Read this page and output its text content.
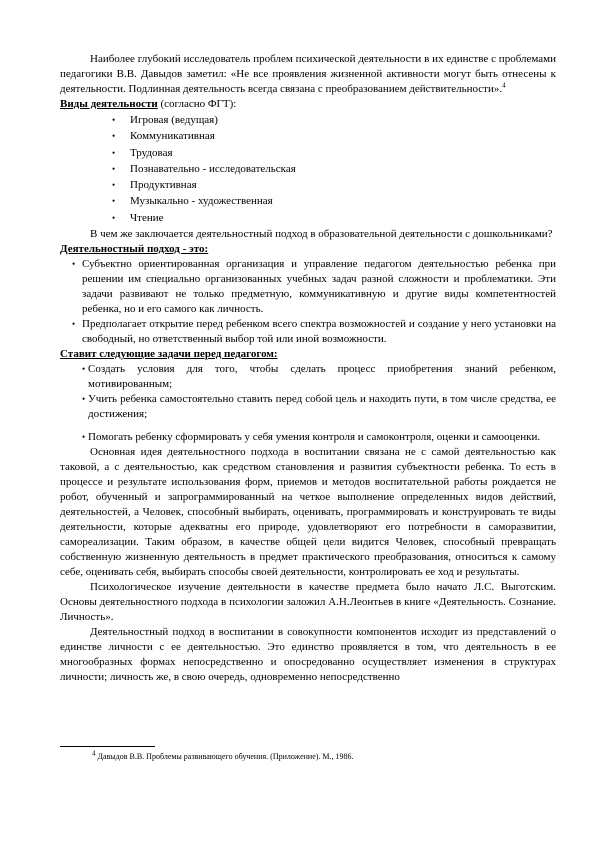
Наиболее глубокий исследователь проблем психической деятельности в их единстве с проблемами педагогики В.В. Давыдов заметил: «Не все проявления жизненной активности могут быть отнесены к деятельности. Подлинная деятельность всегда связана с преобразованием действительности».$^4$

Виды деятельности (согласно ФГТ):

• Игровая (ведущая)
• Коммуникативная
• Трудовая
• Познавательно - исследовательская
• Продуктивная
• Музыкально - художественная
• Чтение

В чем же заключается деятельностный подход в образовательной деятельности с дошкольниками?

Деятельностный подход - это:

• Субъектно ориентированная организация и управление педагогом деятельностью ребенка при решении им специально организованных учебных задач разной сложности и проблематики. Эти задачи развивают не только предметную, коммуникативную и другие виды компетентностей ребенка, но и его самого как личность.

• Предполагает открытие перед ребенком всего спектра возможностей и создание у него установки на свободный, но ответственный выбор той или иной возможности.

Ставит следующие задачи перед педагогом:

• Создать условия для того, чтобы сделать процесс приобретения знаний ребенком, мотивированным;

• Учить ребенка самостоятельно ставить перед собой цель и находить пути, в том числе средства, ее достижения;

• Помогать ребенку сформировать у себя умения контроля и самоконтроля, оценки и самооценки.

Основная идея деятельностного подхода в воспитании связана не с самой деятельностью как таковой, а с деятельностью, как средством становления и развития субъектности ребенка. То есть в процессе и результате использования форм, приемов и методов воспитательной работы рождается не робот, обученный и запрограммированный на четкое выполнение определенных видов действий, деятельностей, а Человек, способный выбирать, оценивать, программировать и конструировать те виды деятельности, которые адекватны его природе, удовлетворяют его потребности в саморазвитии, самореализации. Таким образом, в качестве общей цели видится Человек, способный превращать собственную жизненную деятельность в предмет практического преобразования, относиться к самому себе, оценивать себя, выбирать способы своей деятельности, контролировать ее ход и результаты.

Психологическое изучение деятельности в качестве предмета было начато Л.С. Выготским. Основы деятельностного подхода в психологии заложил А.Н.Леонтьев в книге «Деятельность. Сознание. Личность».

Деятельностный подход в воспитании в совокупности компонентов исходит из представлений о единстве личности с ее деятельностью. Это единство проявляется в том, что деятельность в ее многообразных формах непосредственно и опосредованно осуществляет изменения в структурах личности; личность же, в свою очередь, одновременно непосредственно

$^4$ Давыдов В.В. Проблемы развивающего обучения. (Приложение). М., 1986.
